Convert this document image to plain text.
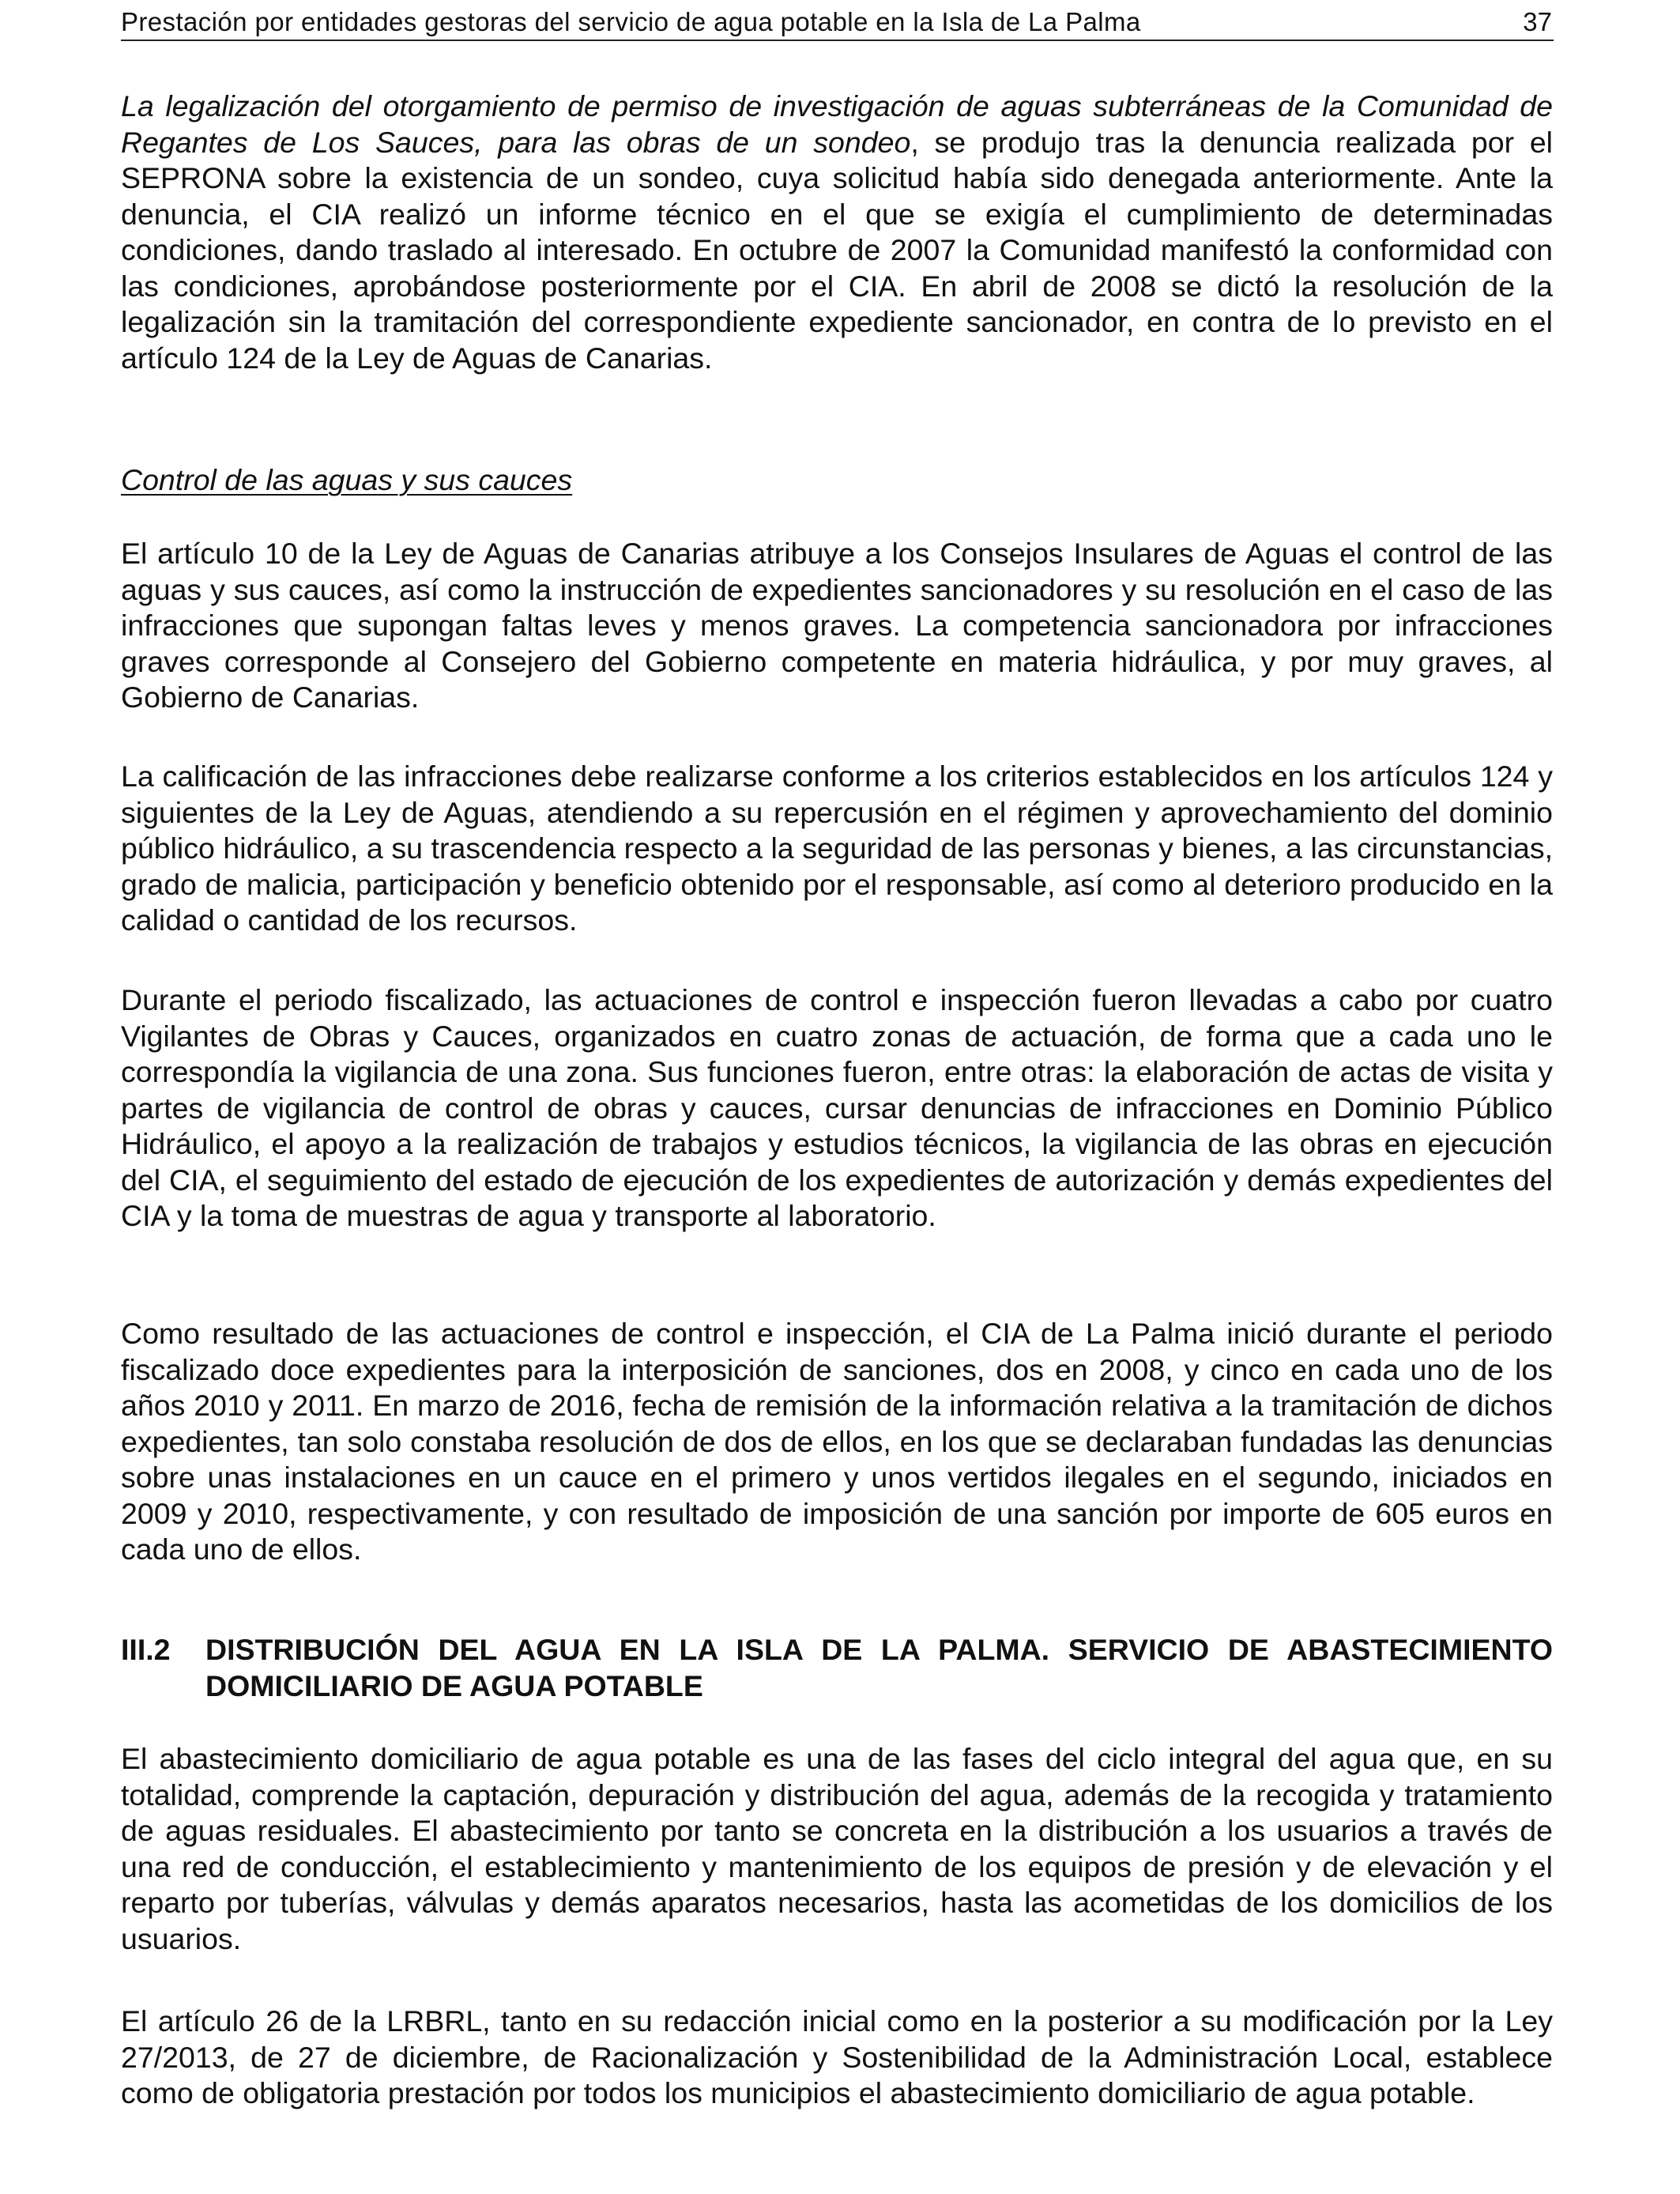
Prestación por entidades gestoras del servicio de agua potable en la Isla de La Palma	37

La legalización del otorgamiento de permiso de investigación de aguas subterráneas de la Comunidad de Regantes de Los Sauces, para las obras de un sondeo, se produjo tras la denuncia realizada por el SEPRONA sobre la existencia de un sondeo, cuya solicitud había sido denegada anteriormente. Ante la denuncia, el CIA realizó un informe técnico en el que se exigía el cumplimiento de determinadas condiciones, dando traslado al interesado. En octubre de 2007 la Comunidad manifestó la conformidad con las condiciones, aprobándose posteriormente por el CIA. En abril de 2008 se dictó la resolución de la legalización sin la tramitación del correspondiente expediente sancionador, en contra de lo previsto en el artículo 124 de la Ley de Aguas de Canarias.

Control de las aguas y sus cauces

El artículo 10 de la Ley de Aguas de Canarias atribuye a los Consejos Insulares de Aguas el control de las aguas y sus cauces, así como la instrucción de expedientes sancionadores y su resolución en el caso de las infracciones que supongan faltas leves y menos graves. La competencia sancionadora por infracciones graves corresponde al Consejero del Gobierno competente en materia hidráulica, y por muy graves, al Gobierno de Canarias.

La calificación de las infracciones debe realizarse conforme a los criterios establecidos en los artículos 124 y siguientes de la Ley de Aguas, atendiendo a su repercusión en el régimen y aprovechamiento del dominio público hidráulico, a su trascendencia respecto a la seguridad de las personas y bienes, a las circunstancias, grado de malicia, participación y beneficio obtenido por el responsable, así como al deterioro producido en la calidad o cantidad de los recursos.

Durante el periodo fiscalizado, las actuaciones de control e inspección fueron llevadas a cabo por cuatro Vigilantes de Obras y Cauces, organizados en cuatro zonas de actuación, de forma que a cada uno le correspondía la vigilancia de una zona. Sus funciones fueron, entre otras: la elaboración de actas de visita y partes de vigilancia de control de obras y cauces, cursar denuncias de infracciones en Dominio Público Hidráulico, el apoyo a la realización de trabajos y estudios técnicos, la vigilancia de las obras en ejecución del CIA, el seguimiento del estado de ejecución de los expedientes de autorización y demás expedientes del CIA y la toma de muestras de agua y transporte al laboratorio.

Como resultado de las actuaciones de control e inspección, el CIA de La Palma inició durante el periodo fiscalizado doce expedientes para la interposición de sanciones, dos en 2008, y cinco en cada uno de los años 2010 y 2011. En marzo de 2016, fecha de remisión de la información relativa a la tramitación de dichos expedientes, tan solo constaba resolución de dos de ellos, en los que se declaraban fundadas las denuncias sobre unas instalaciones en un cauce en el primero y unos vertidos ilegales en el segundo, iniciados en 2009 y 2010, respectivamente, y con resultado de imposición de una sanción por importe de 605 euros en cada uno de ellos.

III.2 DISTRIBUCIÓN DEL AGUA EN LA ISLA DE LA PALMA. SERVICIO DE ABASTECIMIENTO DOMICILIARIO DE AGUA POTABLE

El abastecimiento domiciliario de agua potable es una de las fases del ciclo integral del agua que, en su totalidad, comprende la captación, depuración y distribución del agua, además de la recogida y tratamiento de aguas residuales. El abastecimiento por tanto se concreta en la distribución a los usuarios a través de una red de conducción, el establecimiento y mantenimiento de los equipos de presión y de elevación y el reparto por tuberías, válvulas y demás aparatos necesarios, hasta las acometidas de los domicilios de los usuarios.

El artículo 26 de la LRBRL, tanto en su redacción inicial como en la posterior a su modificación por la Ley 27/2013, de 27 de diciembre, de Racionalización y Sostenibilidad de la Administración Local, establece como de obligatoria prestación por todos los municipios el abastecimiento domiciliario de agua potable.
